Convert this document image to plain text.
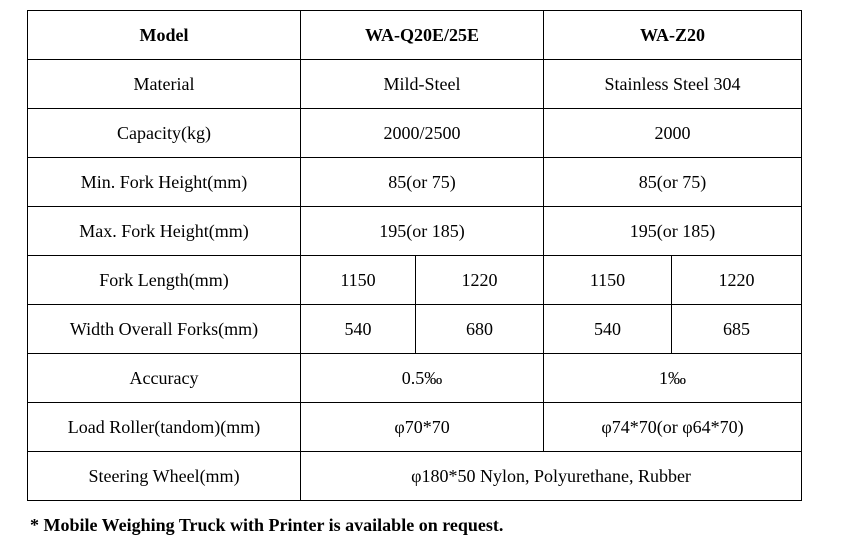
Model	WA-Q20E/25E		WA-Z20	
Material	Mild-Steel		Stainless Steel 304	
Capacity(kg)	2000/2500		2000	
Min. Fork Height(mm)	85(or 75)		85(or 75)	
Max. Fork Height(mm)	195(or 185)		195(or 185)	
Fork Length(mm)	1150	1220	1150	1220
Width Overall Forks(mm)	540	680	540	685
Accuracy	0.5‰		1‰	
Load Roller(tandom)(mm)	φ70*70		φ74*70(or φ64*70)	
Steering Wheel(mm)	φ180*50 Nylon, Polyurethane, Rubber			
* Mobile Weighing Truck with Printer is available on request.
